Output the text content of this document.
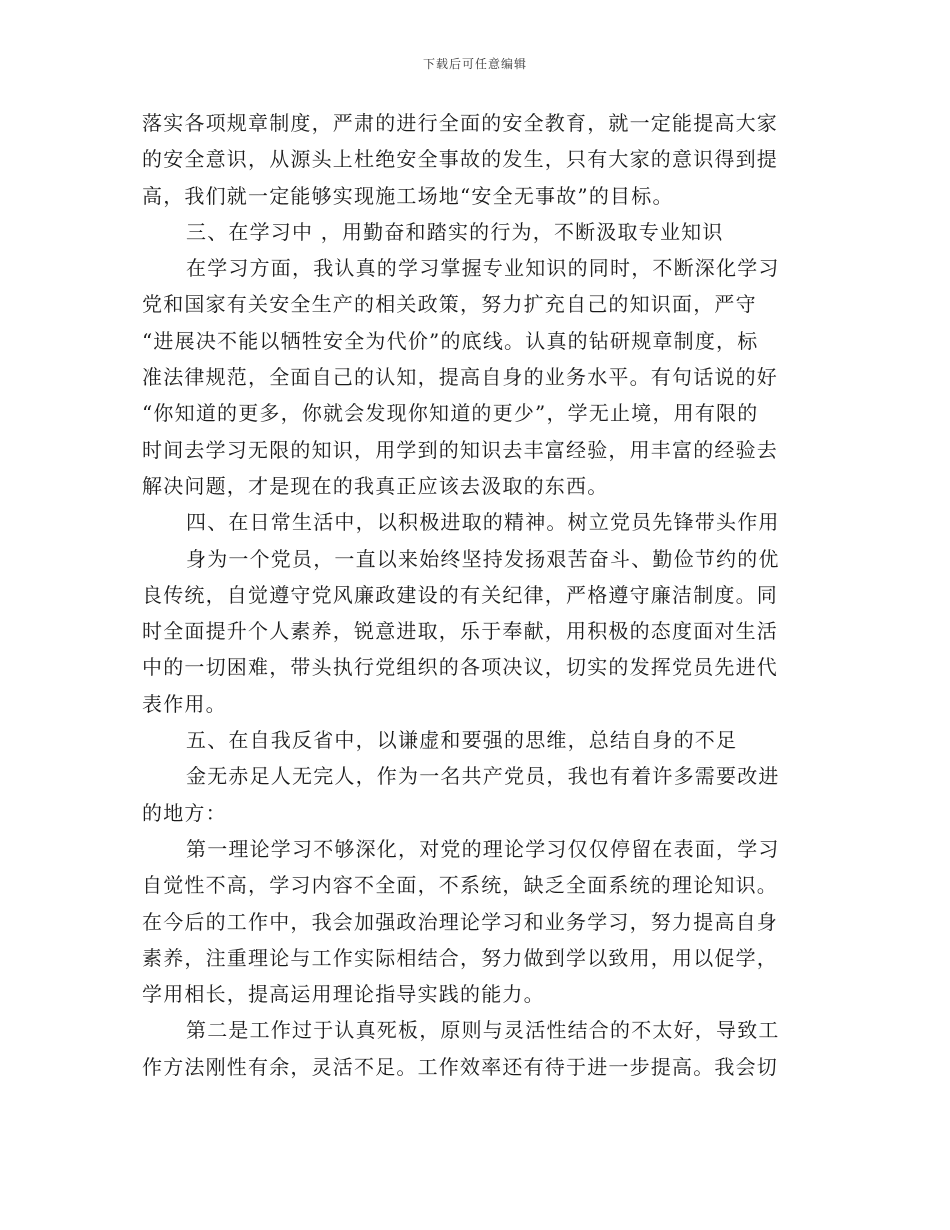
下载后可任意编辑
落实各项规章制度，严肃的进行全面的安全教育，就一定能提高大家
的安全意识，从源头上杜绝安全事故的发生，只有大家的意识得到提
高，我们就一定能够实现施工场地“安全无事故”的目标。
三、在学习中 ，用勤奋和踏实的行为，不断汲取专业知识
在学习方面，我认真的学习掌握专业知识的同时，不断深化学习
党和国家有关安全生产的相关政策，努力扩充自己的知识面，严守
“进展决不能以牺牲安全为代价”的底线。认真的钻研规章制度，标
准法律规范，全面自己的认知，提高自身的业务水平。有句话说的好
“你知道的更多，你就会发现你知道的更少”，学无止境，用有限的
时间去学习无限的知识，用学到的知识去丰富经验，用丰富的经验去
解决问题，才是现在的我真正应该去汲取的东西。
四、在日常生活中，以积极进取的精神。树立党员先锋带头作用
身为一个党员，一直以来始终坚持发扬艰苦奋斗、勤俭节约的优
良传统，自觉遵守党风廉政建设的有关纪律，严格遵守廉洁制度。同
时全面提升个人素养，锐意进取，乐于奉献，用积极的态度面对生活
中的一切困难，带头执行党组织的各项决议，切实的发挥党员先进代
表作用。
五、在自我反省中，以谦虚和要强的思维，总结自身的不足
金无赤足人无完人，作为一名共产党员，我也有着许多需要改进
的地方：
第一理论学习不够深化，对党的理论学习仅仅停留在表面，学习
自觉性不高，学习内容不全面，不系统，缺乏全面系统的理论知识。
在今后的工作中，我会加强政治理论学习和业务学习，努力提高自身
素养，注重理论与工作实际相结合，努力做到学以致用，用以促学，
学用相长，提高运用理论指导实践的能力。
第二是工作过于认真死板，原则与灵活性结合的不太好，导致工
作方法刚性有余，灵活不足。工作效率还有待于进一步提高。我会切
